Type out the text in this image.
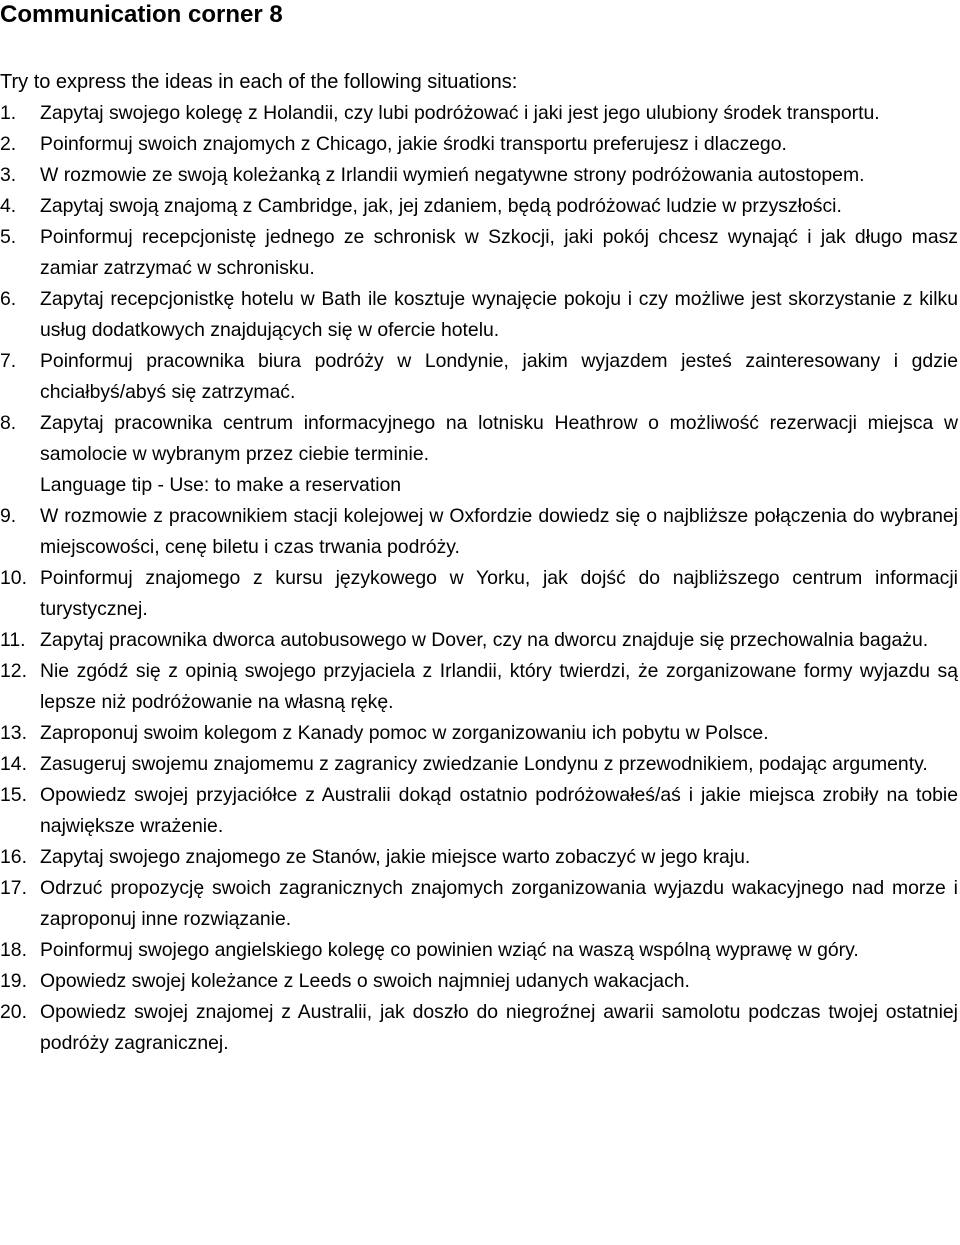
Communication corner 8

Try to express the ideas in each of the following situations:

1.	Zapytaj swojego kolegę z Holandii, czy lubi podróżować i jaki jest jego ulubiony środek transportu.
2.	Poinformuj swoich znajomych z Chicago, jakie środki transportu preferujesz i dlaczego.
3.	W rozmowie ze swoją koleżanką z Irlandii wymień negatywne strony podróżowania autostopem.
4.	Zapytaj swoją znajomą z Cambridge, jak, jej zdaniem, będą podróżować ludzie w przyszłości.
5.	Poinformuj recepcjonistę jednego ze schronisk w Szkocji, jaki pokój chcesz wynająć i jak długo masz zamiar zatrzymać w schronisku.
6.	Zapytaj recepcjonistkę hotelu w Bath ile kosztuje wynajęcie pokoju i czy możliwe jest skorzystanie z kilku usług dodatkowych znajdujących się w ofercie hotelu.
7.	Poinformuj pracownika biura podróży w Londynie, jakim wyjazdem jesteś zainteresowany i gdzie chciałbyś/abyś się zatrzymać.
8.	Zapytaj pracownika centrum informacyjnego na lotnisku Heathrow o możliwość rezerwacji miejsca w samolocie w wybranym przez ciebie terminie.
Language tip - Use: to make a reservation
9.	W rozmowie z pracownikiem stacji kolejowej w Oxfordzie dowiedz się o najbliższe połączenia do wybranej miejscowości, cenę biletu i czas trwania podróży.
10. Poinformuj znajomego z kursu językowego w Yorku, jak dojść do najbliższego centrum informacji turystycznej.
11. Zapytaj pracownika dworca autobusowego w Dover, czy na dworcu znajduje się przechowalnia bagażu.
12. Nie zgódź się z opinią swojego przyjaciela z Irlandii, który twierdzi, że zorganizowane formy wyjazdu są lepsze niż podróżowanie na własną rękę.
13. Zaproponuj swoim kolegom z Kanady pomoc w zorganizowaniu ich pobytu w Polsce.
14. Zasugeruj swojemu znajomemu z zagranicy zwiedzanie Londynu z przewodnikiem, podając argumenty.
15. Opowiedz swojej przyjaciółce z Australii dokąd ostatnio podróżowałeś/aś i jakie miejsca zrobiły na tobie największe wrażenie.
16. Zapytaj swojego znajomego ze Stanów, jakie miejsce warto zobaczyć w jego kraju.
17. Odrzuć propozycję swoich zagranicznych znajomych zorganizowania wyjazdu wakacyjnego nad morze i zaproponuj inne rozwiązanie.
18. Poinformuj swojego angielskiego kolegę co powinien wziąć na waszą wspólną wyprawę w góry.
19. Opowiedz swojej koleżance z Leeds o swoich najmniej udanych wakacjach.
20. Opowiedz swojej znajomej z Australii, jak doszło do niegroźnej awarii samolotu podczas twojej ostatniej podróży zagranicznej.
